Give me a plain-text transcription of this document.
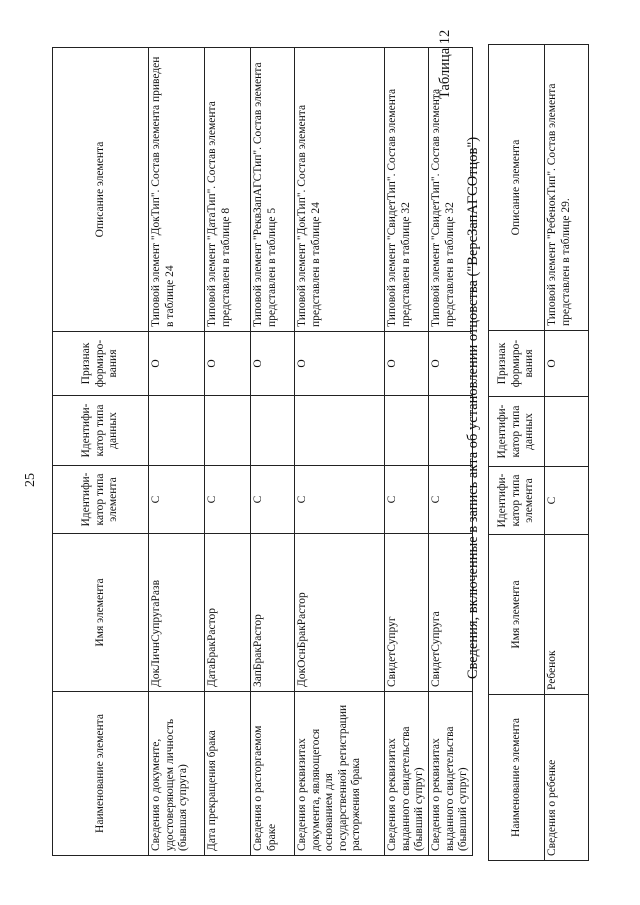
25
Наименование элемента	Имя элемента	Идентифи-катор типа элемента	Идентифи-катор типа данных	Признак формиро-вания	Описание элемента
Сведения о документе, удостоверяющем личность (бывшая супруга)	ДокЛичнСупругаРазв	С		О	Типовой элемент "ДокТип". Состав элемента приведен в таблице 24
Дата прекращения брака	ДатаБракРастор	С		О	Типовой элемент "ДатаТип". Состав элемента представлен в таблице 8
Сведения о расторгаемом браке	ЗапБракРастор	С		О	Типовой элемент "РеквЗапАГСТип". Состав элемента представлен в таблице 5
Сведения о реквизитах документа, являющегося основанием для государственной регистрации расторжения брака	ДокОснБракРастор	С		О	Типовой элемент "ДокТип". Состав элемента представлен в таблице 24
Сведения о реквизитах выданного свидетельства (бывший супруг)	СвидетСупруг	С		О	Типовой элемент "СвидетТип". Состав элемента представлен в таблице 32
Сведения о реквизитах выданного свидетельства (бывший супруг)	СвидетСупруга	С		О	Типовой элемент "СвидетТип". Состав элемента представлен в таблице 32
Таблица 12
Сведения, включенные в запись акта об установлении отцовства ("ВерсЗапАГСОтцов")
Наименование элемента	Имя элемента	Идентифи-катор типа элемента	Идентифи-катор типа данных	Признак формиро-вания	Описание элемента
Сведения о ребенке	Ребенок	С		О	Типовой элемент "РебенокТип". Состав элемента представлен в таблице 29.
